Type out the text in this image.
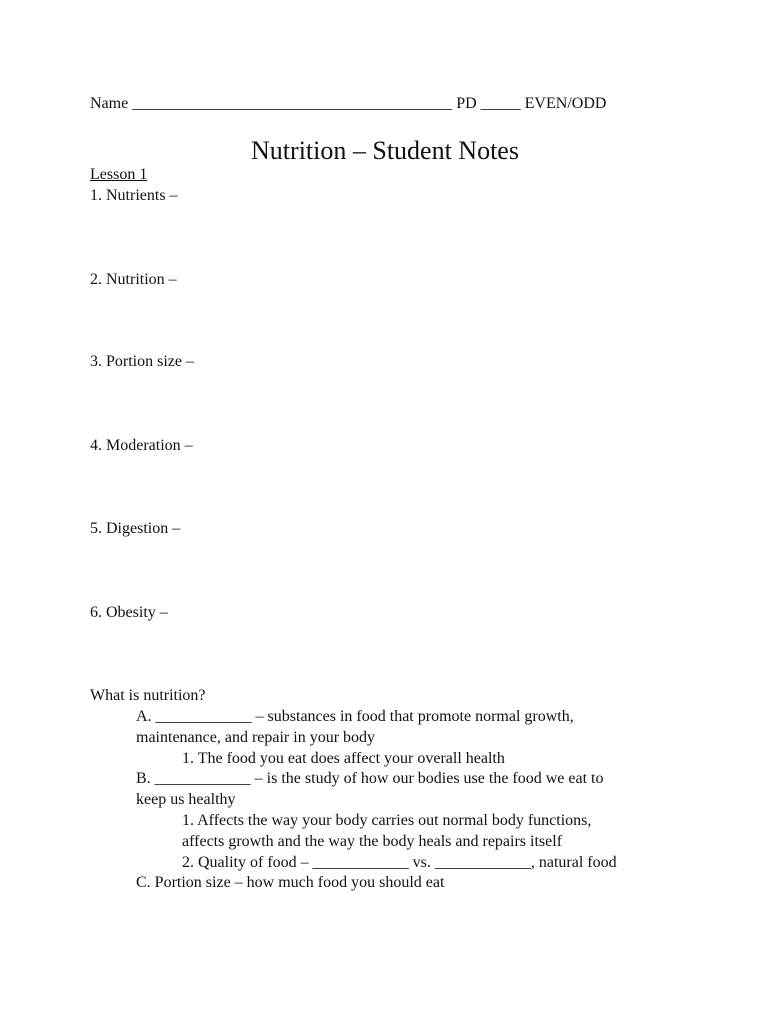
Name ________________________________________ PD _____ EVEN/ODD
Nutrition – Student Notes
Lesson 1
1. Nutrients –
2. Nutrition –
3. Portion size –
4. Moderation –
5. Digestion –
6. Obesity –
What is nutrition?
A. ____________ – substances in food that promote normal growth,
maintenance, and repair in your body
1. The food you eat does affect your overall health
B. ____________ – is the study of how our bodies use the food we eat to
keep us healthy
1. Affects the way your body carries out normal body functions,
affects growth and the way the body heals and repairs itself
2. Quality of food – ____________ vs. ____________, natural food
C. Portion size – how much food you should eat
